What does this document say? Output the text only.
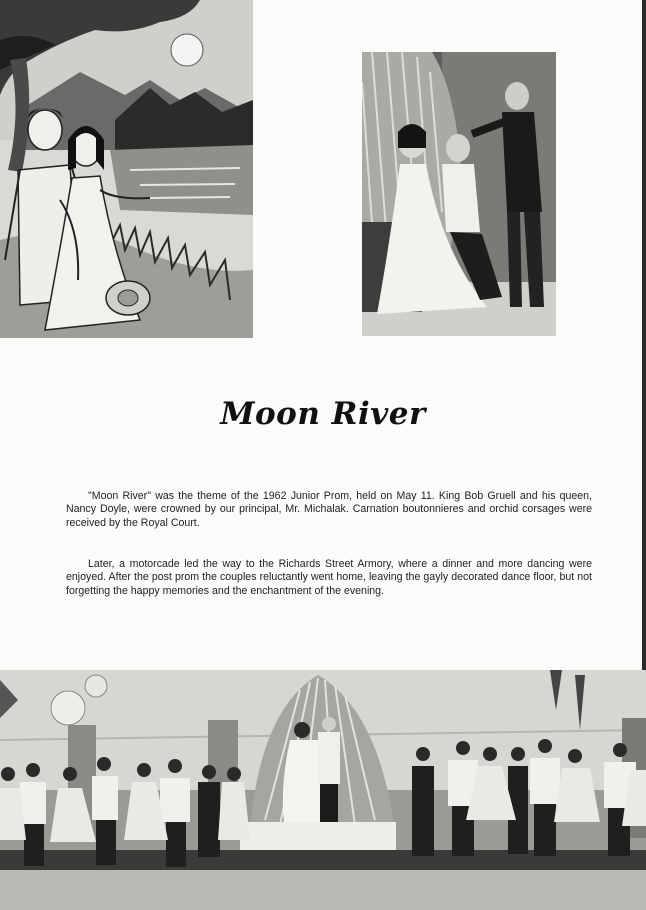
Moon River

"Moon River" was the theme of the 1962 Junior Prom, held on May 11. King Bob Gruell and his queen, Nancy Doyle, were crowned by our principal, Mr. Michalak. Carnation boutonnieres and orchid corsages were received by the Royal Court.

Later, a motorcade led the way to the Richards Street Armory, where a dinner and more dancing were enjoyed. After the post prom the couples reluctantly went home, leaving the gayly decorated dance floor, but not forgetting the happy memories and the enchantment of the evening.
